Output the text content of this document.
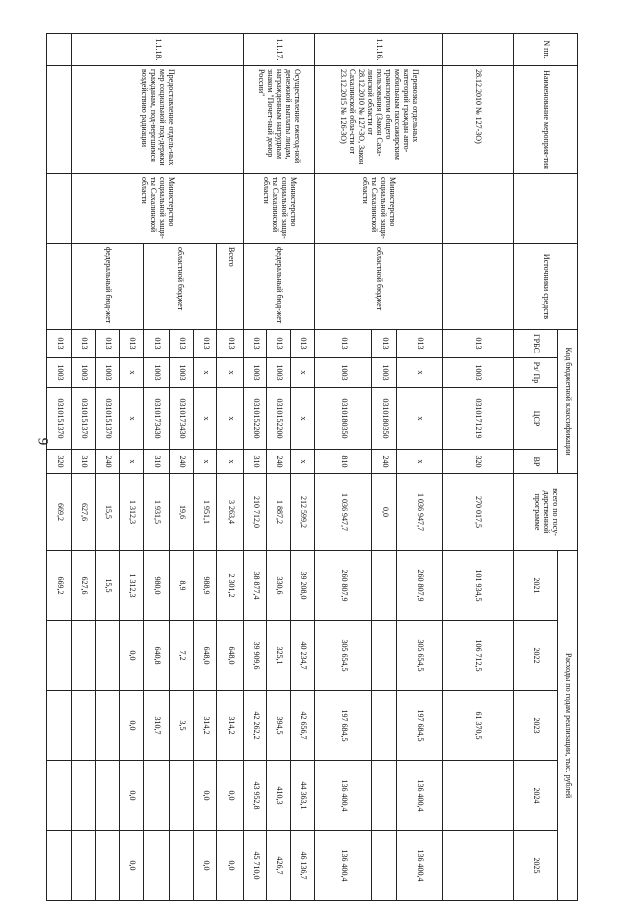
9
N пп.	Наименование мероприя-тия		Источники средств	Код бюджетной классификации				всего по госу-дарственной программе	Расходы по годам реализации, тыс. рублей				
				ГРБС	Рз/ Пр	ЦСР	ВР		2021	2022	2023	2024	2025
	28.12.2010 № 127-ЗО)			013	1003	0310171219	320	270 017,5	101 934,5	106 712,5	61 370,5		
1.1.16.	Перевозка отдельных категорий граждан авто-мобильным пассажирским транспортом общего пользования (Закон Саха-линской области от 28.12.2010 № 127-ЗО, Закон Сахалинской обла-сти от 23.12.2015 № 126-ЗО)	Министерство социальной защи-ты Сахалинской области	областной бюджет	013	x	x	x	1 036 947,7	260 807,9	305 654,5	197 684,5	136 400,4	136 400,4
				013	1003	0310180350	240	0,0					
				013	1003	0310180350	810	1 036 947,7	260 807,9	305 654,5	197 684,5	136 400,4	136 400,4
1.1.17.	Осуществление ежегод-ной денежной выплаты лицам, награжденным нагрудным знаком "Почет-ный донор России"	Министерство социальной защи-ты Сахалинской области	федеральный бюд-жет	013	x	x	x	212 599,2	39 208,0	40 234,7	42 656,7	44 363,1	46 136,7
				013	1003	0310152200	240	1 887,2	330,6	325,1	394,5	410,3	426,7
				013	1003	0310152200	310	210 712,0	38 877,4	39 909,6	42 262,2	43 952,8	45 710,0
1.1.18.	Предоставление отдель-ных мер социальной под-держки гражданам, под-вергшимся воздействию радиации	Министерство социальной защи-ты Сахалинской области	Всего	013	x	x	x	3 263,4	2 301,2	648,0	314,2	0,0	0,0
			областной бюджет	013	x	x	x	1 951,1	988,9	648,0	314,2	0,0	0,0
				013	1003	0310173430	240	19,6	8,9	7,2	3,5		
				013	1003	0310173430	310	1 931,5	980,0	640,8	310,7		
			федеральный бюд-жет	013	x	x	x	1 312,3	1 312,3	0,0	0,0	0,0	0,0
				013	1003	0310151370	240	15,5	15,5				
				013	1003	0310151370	310	627,6	627,6				
				013	1003	0310151370	320	669,2	669,2				
